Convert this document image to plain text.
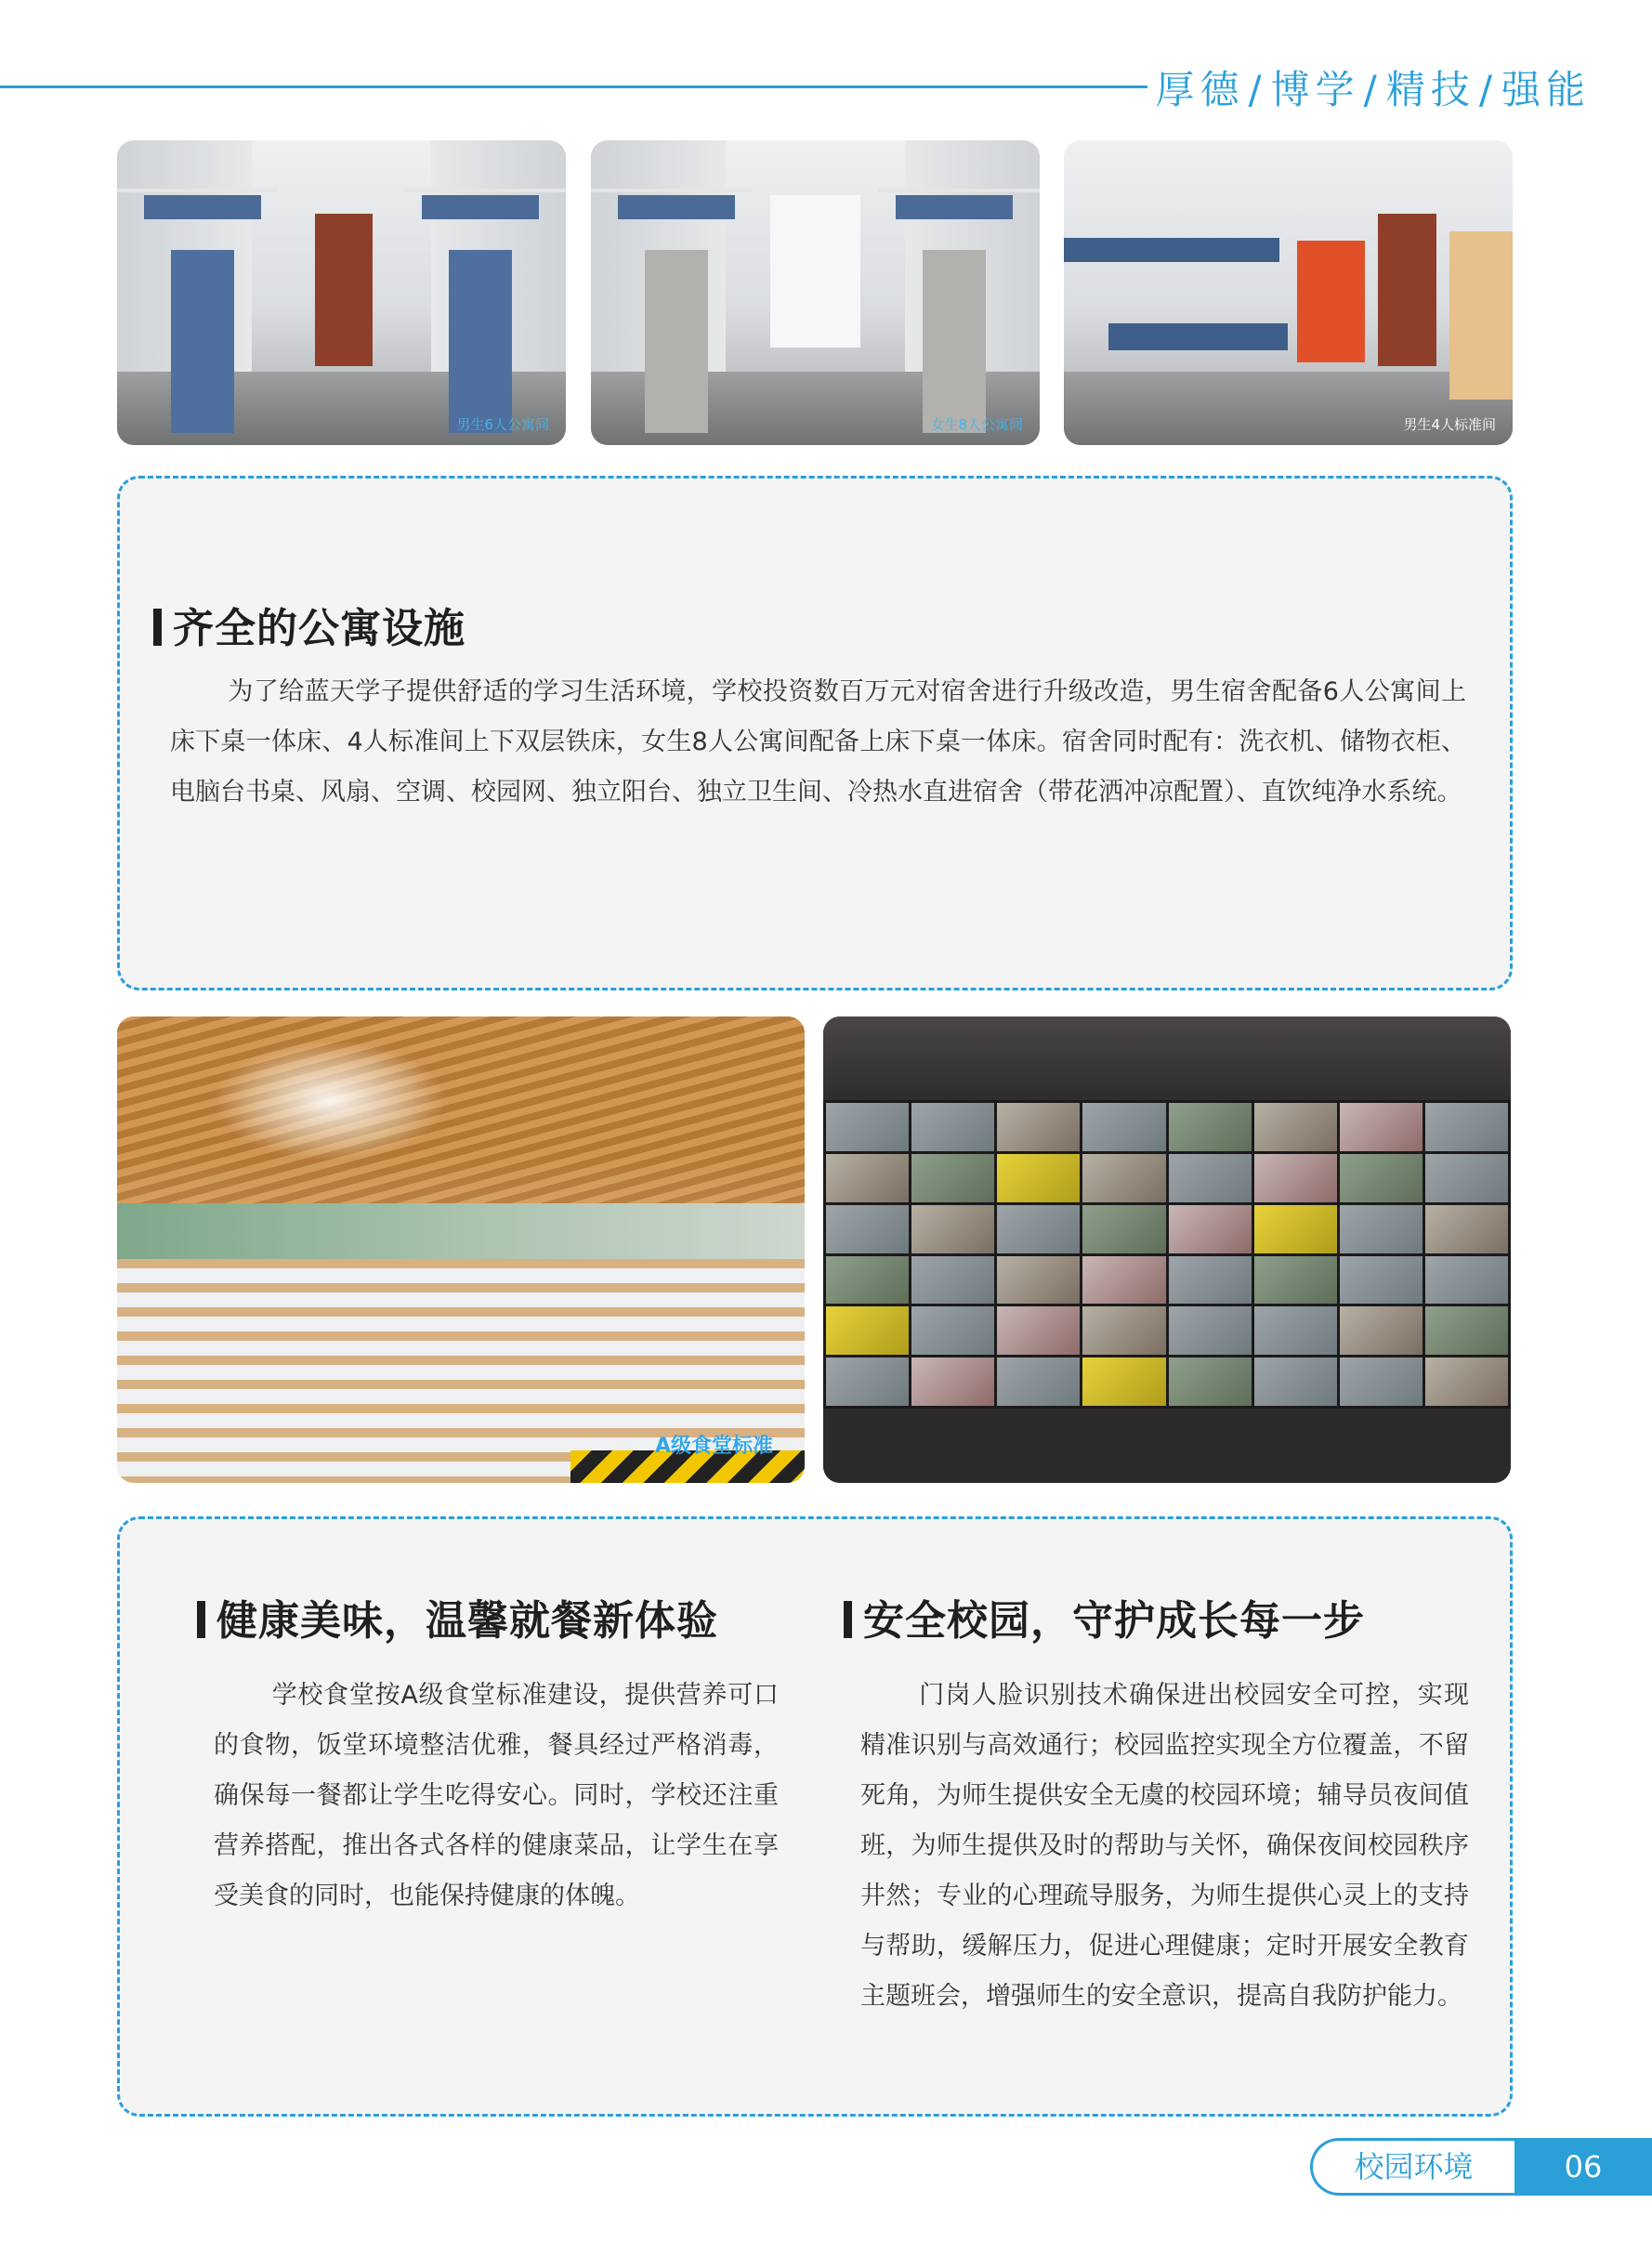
厚德/博学/精技/强能
男生6人公寓间	女生8人公寓间	男生4人标准间
齐全的公寓设施
为了给蓝天学子提供舒适的学习生活环境，学校投资数百万元对宿舍进行升级改造，男生宿舍配备6人公寓间上床下桌一体床、4人标准间上下双层铁床，女生8人公寓间配备上床下桌一体床。宿舍同时配有：洗衣机、储物衣柜、电脑台书桌、风扇、空调、校园网、独立阳台、独立卫生间、冷热水直进宿舍（带花洒冲凉配置）、直饮纯净水系统。
A级食堂标准
健康美味，温馨就餐新体验
学校食堂按A级食堂标准建设，提供营养可口的食物，饭堂环境整洁优雅，餐具经过严格消毒，确保每一餐都让学生吃得安心。同时，学校还注重营养搭配，推出各式各样的健康菜品，让学生在享受美食的同时，也能保持健康的体魄。
安全校园，守护成长每一步
门岗人脸识别技术确保进出校园安全可控，实现精准识别与高效通行；校园监控实现全方位覆盖，不留死角，为师生提供安全无虞的校园环境；辅导员夜间值班，为师生提供及时的帮助与关怀，确保夜间校园秩序井然；专业的心理疏导服务，为师生提供心灵上的支持与帮助，缓解压力，促进心理健康；定时开展安全教育主题班会，增强师生的安全意识，提高自我防护能力。
校园环境	06
